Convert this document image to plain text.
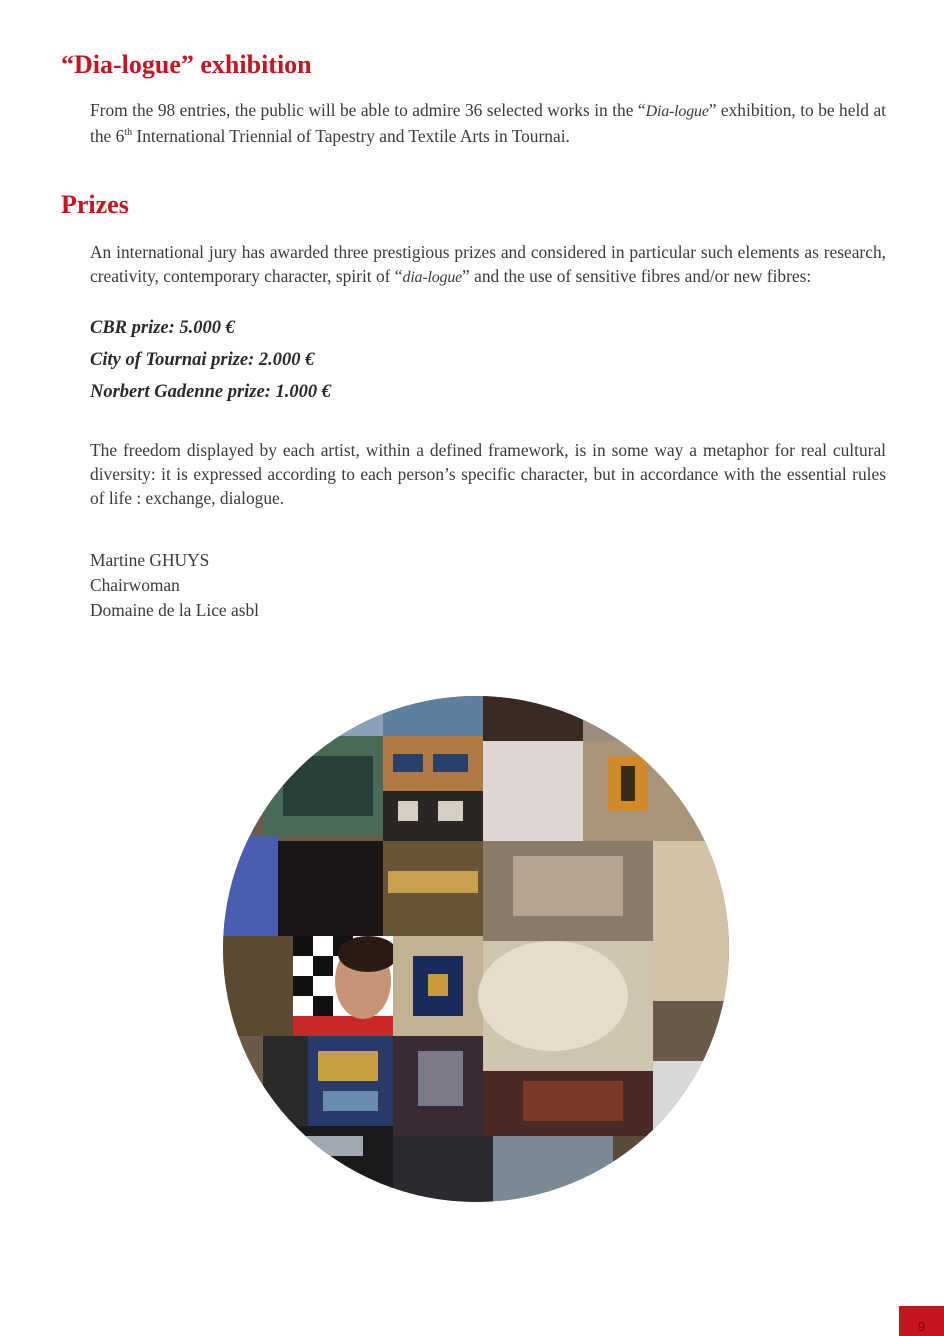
“Dia-logue” exhibition

From the 98 entries, the public will be able to admire 36 selected works in the “Dia-logue” exhibition, to be held at the 6th International Triennial of Tapestry and Textile Arts in Tournai.

Prizes

An international jury has awarded three prestigious prizes and considered in particular such elements as research, creativity, contemporary character, spirit of “dia-logue” and the use of sensitive fibres and/or new fibres:

CBR prize: 5.000 €

City of Tournai prize: 2.000 €

Norbert Gadenne prize: 1.000 €

The freedom displayed by each artist, within a defined framework, is in some way a metaphor for real cultural diversity: it is expressed according to each person’s specific character, but in accordance with the essential rules of life : exchange, dialogue.

Martine GHUYS
Chairwoman
Domaine de la Lice asbl
9
